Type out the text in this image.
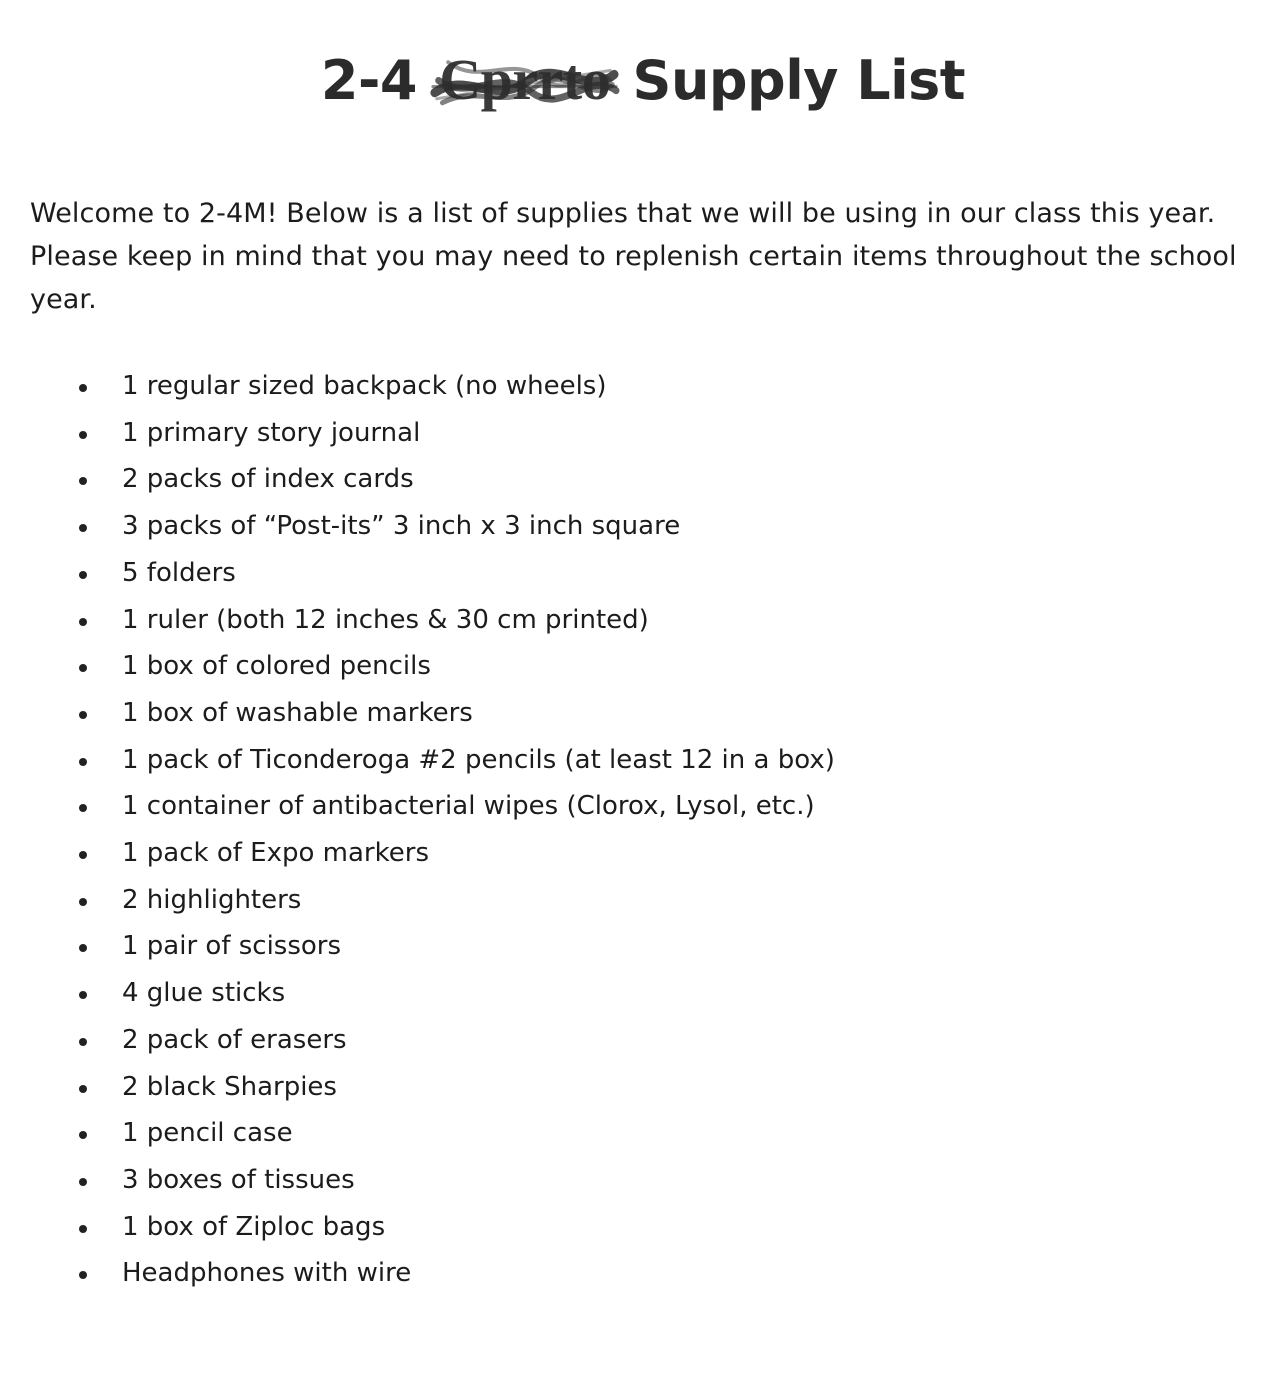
2-4 Cprrto Supply List

Welcome to 2-4M! Below is a list of supplies that we will be using in our class this year. Please keep in mind that you may need to replenish certain items throughout the school year.

1 regular sized backpack (no wheels)
1 primary story journal
2 packs of index cards
3 packs of “Post-its” 3 inch x 3 inch square
5 folders
1 ruler (both 12 inches & 30 cm printed)
1 box of colored pencils
1 box of washable markers
1 pack of Ticonderoga #2 pencils (at least 12 in a box)
1 container of antibacterial wipes (Clorox, Lysol, etc.)
1 pack of Expo markers
2 highlighters
1 pair of scissors
4 glue sticks
2 pack of erasers
2 black Sharpies
1 pencil case
3 boxes of tissues
1 box of Ziploc bags
Headphones with wire
